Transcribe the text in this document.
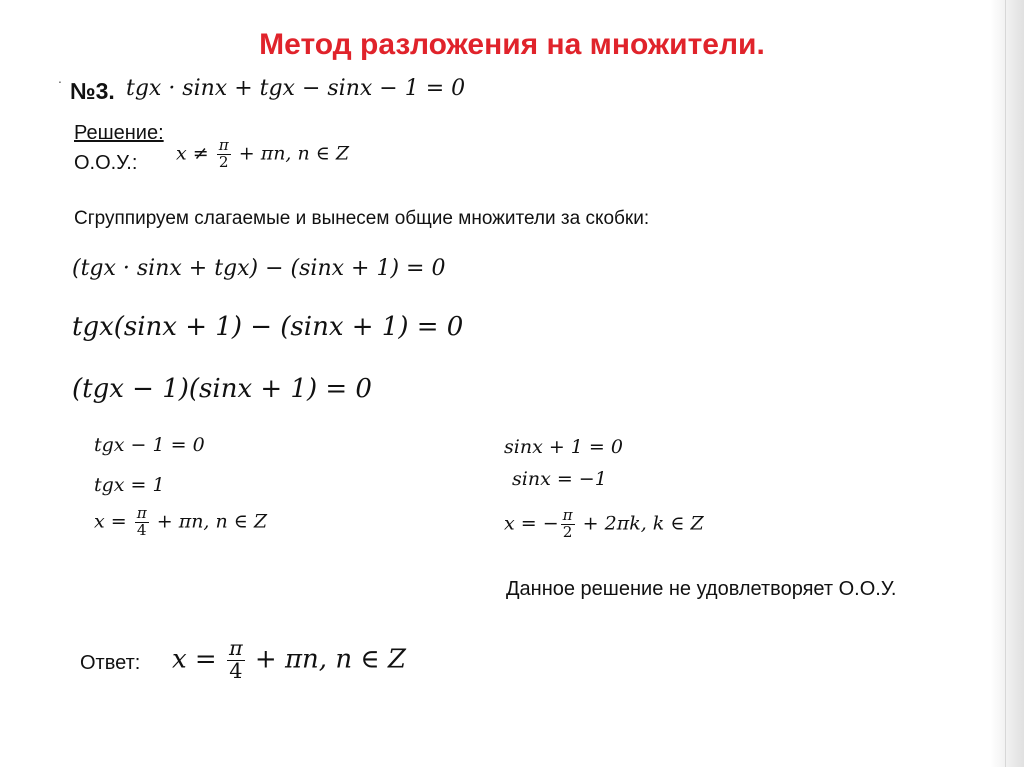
Метод разложения на множители.
. №3. tgx · sinx + tgx − sinx − 1 = 0
Решение:
О.О.У.: $x \ne \frac{\pi}{2} + \pi n$, n ∈ Z
Сгруппируем слагаемые и вынесем общие множители за скобки:
(tgx · sinx + tgx) − (sinx + 1) = 0
tgx(sinx + 1) − (sinx + 1) = 0
(tgx − 1)(sinx + 1) = 0
tgx − 1 = 0
tgx = 1
$x = \frac{\pi}{4} + \pi n$, n ∈ Z
sinx + 1 = 0
sinx = −1
x = − $\frac{\pi}{2} + 2\pi k$, k ∈ Z
Данное решение не удовлетворяет О.О.У.
Ответ: $x = \frac{\pi}{4} + \pi n$, n ∈ Z
